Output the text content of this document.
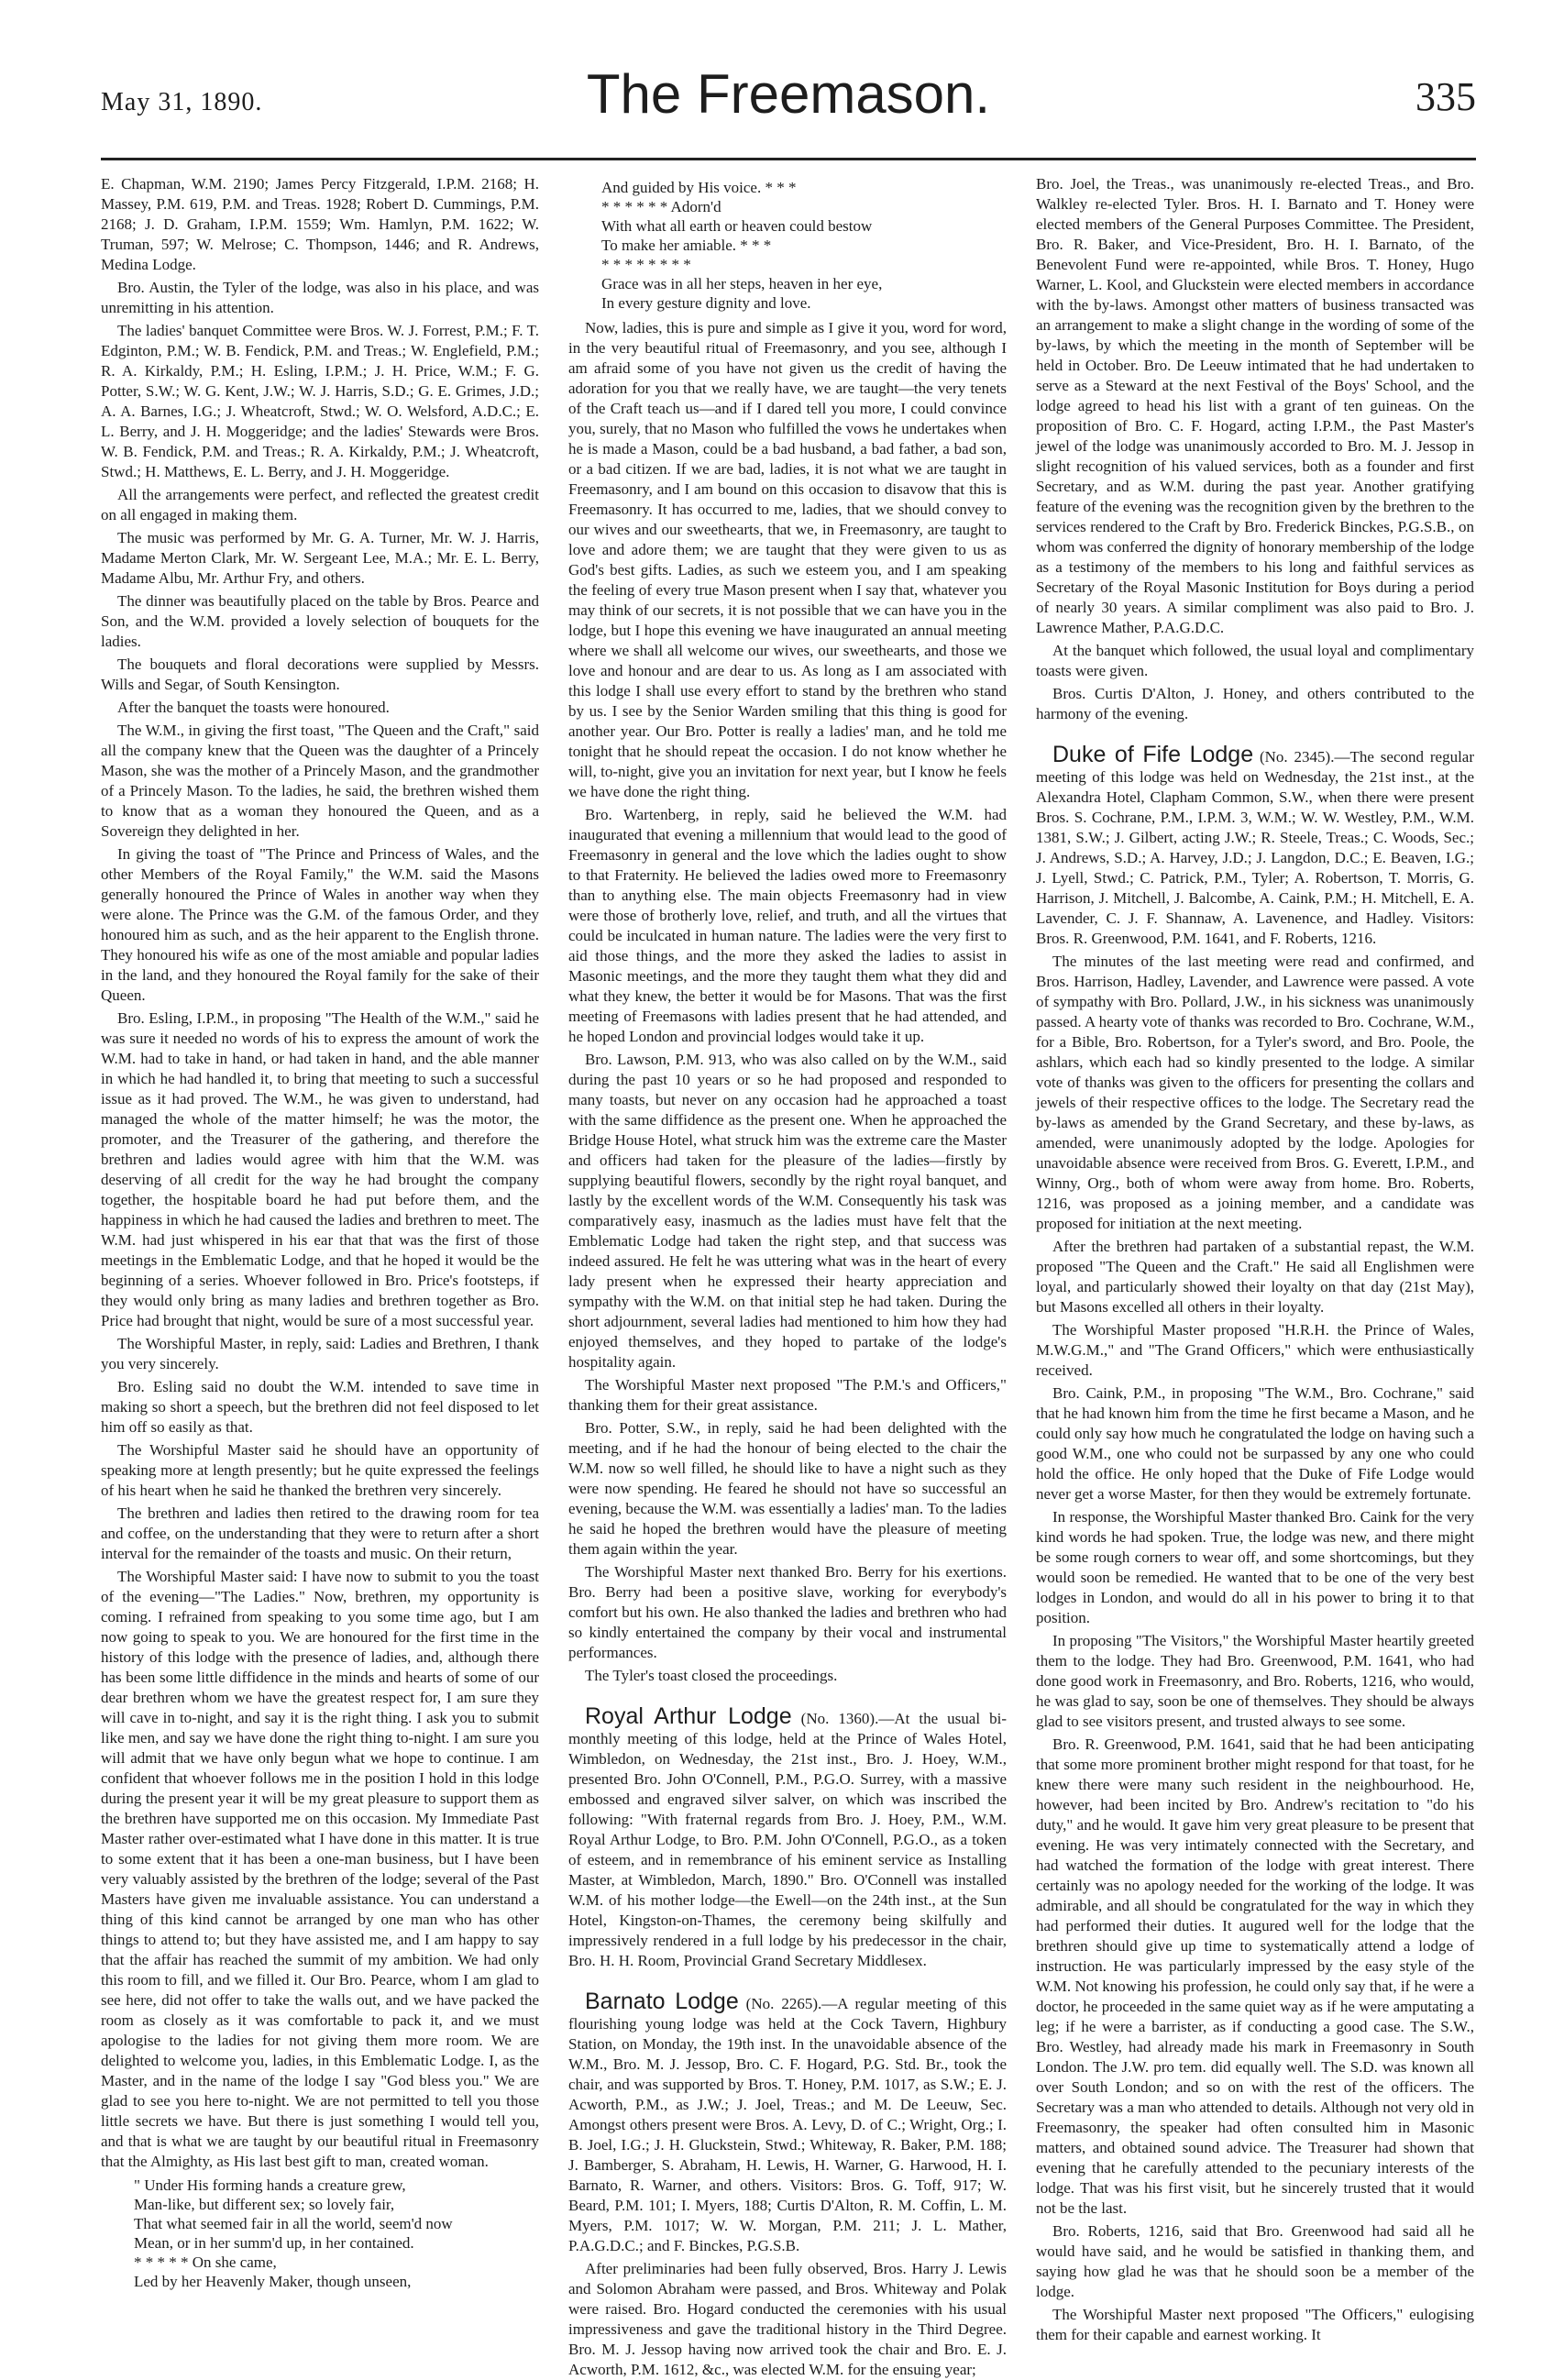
May 31, 1890.	The Freemason.	335

E. Chapman, W.M. 2190; James Percy Fitzgerald, I.P.M. 2168; H. Massey, P.M. 619, P.M. and Treas. 1928; Robert D. Cummings, P.M. 2168; J. D. Graham, I.P.M. 1559; Wm. Hamlyn, P.M. 1622; W. Truman, 597; W. Melrose; C. Thompson, 1446; and R. Andrews, Medina Lodge.

Bro. Austin, the Tyler of the lodge, was also in his place, and was unremitting in his attention.

The ladies' banquet Committee were Bros. W. J. Forrest, P.M.; F. T. Edginton, P.M.; W. B. Fendick, P.M. and Treas.; W. Englefield, P.M.; R. A. Kirkaldy, P.M.; H. Esling, I.P.M.; J. H. Price, W.M.; F. G. Potter, S.W.; W. G. Kent, J.W.; W. J. Harris, S.D.; G. E. Grimes, J.D.; A. A. Barnes, I.G.; J. Wheatcroft, Stwd.; W. O. Welsford, A.D.C.; E. L. Berry, and J. H. Moggeridge; and the ladies' Stewards were Bros. W. B. Fendick, P.M. and Treas.; R. A. Kirkaldy, P.M.; J. Wheatcroft, Stwd.; H. Matthews, E. L. Berry, and J. H. Moggeridge.

All the arrangements were perfect, and reflected the greatest credit on all engaged in making them.

The music was performed by Mr. G. A. Turner, Mr. W. J. Harris, Madame Merton Clark, Mr. W. Sergeant Lee, M.A.; Mr. E. L. Berry, Madame Albu, Mr. Arthur Fry, and others.

The dinner was beautifully placed on the table by Bros. Pearce and Son, and the W.M. provided a lovely selection of bouquets for the ladies.

The bouquets and floral decorations were supplied by Messrs. Wills and Segar, of South Kensington.

After the banquet the toasts were honoured.

The W.M., in giving the first toast, "The Queen and the Craft," said all the company knew that the Queen was the daughter of a Princely Mason, she was the mother of a Princely Mason, and the grandmother of a Princely Mason. To the ladies, he said, the brethren wished them to know that as a woman they honoured the Queen, and as a Sovereign they delighted in her.

In giving the toast of "The Prince and Princess of Wales, and the other Members of the Royal Family," the W.M. said the Masons generally honoured the Prince of Wales in another way when they were alone. The Prince was the G.M. of the famous Order, and they honoured him as such, and as the heir apparent to the English throne. They honoured his wife as one of the most amiable and popular ladies in the land, and they honoured the Royal family for the sake of their Queen.

Bro. Esling, I.P.M., in proposing "The Health of the W.M.," said he was sure it needed no words of his to express the amount of work the W.M. had to take in hand, or had taken in hand, and the able manner in which he had handled it, to bring that meeting to such a successful issue as it had proved. The W.M., he was given to understand, had managed the whole of the matter himself; he was the motor, the promoter, and the Treasurer of the gathering, and therefore the brethren and ladies would agree with him that the W.M. was deserving of all credit for the way he had brought the company together, the hospitable board he had put before them, and the happiness in which he had caused the ladies and brethren to meet. The W.M. had just whispered in his ear that that was the first of those meetings in the Emblematic Lodge, and that he hoped it would be the beginning of a series. Whoever followed in Bro. Price's footsteps, if they would only bring as many ladies and brethren together as Bro. Price had brought that night, would be sure of a most successful year.

The Worshipful Master, in reply, said: Ladies and Brethren, I thank you very sincerely.

Bro. Esling said no doubt the W.M. intended to save time in making so short a speech, but the brethren did not feel disposed to let him off so easily as that.

The Worshipful Master said he should have an opportunity of speaking more at length presently; but he quite expressed the feelings of his heart when he said he thanked the brethren very sincerely.

The brethren and ladies then retired to the drawing room for tea and coffee, on the understanding that they were to return after a short interval for the remainder of the toasts and music. On their return,

The Worshipful Master said: I have now to submit to you the toast of the evening—"The Ladies." Now, brethren, my opportunity is coming. I refrained from speaking to you some time ago, but I am now going to speak to you. We are honoured for the first time in the history of this lodge with the presence of ladies, and, although there has been some little diffidence in the minds and hearts of some of our dear brethren whom we have the greatest respect for, I am sure they will cave in to-night, and say it is the right thing. I ask you to submit like men, and say we have done the right thing to-night. I am sure you will admit that we have only begun what we hope to continue. I am confident that whoever follows me in the position I hold in this lodge during the present year it will be my great pleasure to support them as the brethren have supported me on this occasion. My Immediate Past Master rather over-estimated what I have done in this matter. It is true to some extent that it has been a one-man business, but I have been very valuably assisted by the brethren of the lodge; several of the Past Masters have given me invaluable assistance. You can understand a thing of this kind cannot be arranged by one man who has other things to attend to; but they have assisted me, and I am happy to say that the affair has reached the summit of my ambition. We had only this room to fill, and we filled it. Our Bro. Pearce, whom I am glad to see here, did not offer to take the walls out, and we have packed the room as closely as it was comfortable to pack it, and we must apologise to the ladies for not giving them more room. We are delighted to welcome you, ladies, in this Emblematic Lodge. I, as the Master, and in the name of the lodge I say "God bless you." We are glad to see you here to-night. We are not permitted to tell you those little secrets we have. But there is just something I would tell you, and that is what we are taught by our beautiful ritual in Freemasonry that the Almighty, as His last best gift to man, created woman.

" Under His forming hands a creature grew,
Man-like, but different sex; so lovely fair,
That what seemed fair in all the world, seem'd now
Mean, or in her summ'd up, in her contained.
* * * * * On she came,
Led by her Heavenly Maker, though unseen,
And guided by His voice. * * *
* * * * * * Adorn'd
With what all earth or heaven could bestow
To make her amiable. * * *
* * * * * * * *
Grace was in all her steps, heaven in her eye,
In every gesture dignity and love.

Now, ladies, this is pure and simple as I give it you, word for word, in the very beautiful ritual of Freemasonry, and you see, although I am afraid some of you have not given us the credit of having the adoration for you that we really have, we are taught—the very tenets of the Craft teach us—and if I dared tell you more, I could convince you, surely, that no Mason who fulfilled the vows he undertakes when he is made a Mason, could be a bad husband, a bad father, a bad son, or a bad citizen. If we are bad, ladies, it is not what we are taught in Freemasonry, and I am bound on this occasion to disavow that this is Freemasonry. It has occurred to me, ladies, that we should convey to our wives and our sweethearts, that we, in Freemasonry, are taught to love and adore them; we are taught that they were given to us as God's best gifts. Ladies, as such we esteem you, and I am speaking the feeling of every true Mason present when I say that, whatever you may think of our secrets, it is not possible that we can have you in the lodge, but I hope this evening we have inaugurated an annual meeting where we shall all welcome our wives, our sweethearts, and those we love and honour and are dear to us. As long as I am associated with this lodge I shall use every effort to stand by the brethren who stand by us. I see by the Senior Warden smiling that this thing is good for another year. Our Bro. Potter is really a ladies' man, and he told me tonight that he should repeat the occasion. I do not know whether he will, to-night, give you an invitation for next year, but I know he feels we have done the right thing.

Bro. Wartenberg, in reply, said he believed the W.M. had inaugurated that evening a millennium that would lead to the good of Freemasonry in general and the love which the ladies ought to show to that Fraternity. He believed the ladies owed more to Freemasonry than to anything else. The main objects Freemasonry had in view were those of brotherly love, relief, and truth, and all the virtues that could be inculcated in human nature. The ladies were the very first to aid those things, and the more they asked the ladies to assist in Masonic meetings, and the more they taught them what they did and what they knew, the better it would be for Masons. That was the first meeting of Freemasons with ladies present that he had attended, and he hoped London and provincial lodges would take it up.

Bro. Lawson, P.M. 913, who was also called on by the W.M., said during the past 10 years or so he had proposed and responded to many toasts, but never on any occasion had he approached a toast with the same diffidence as the present one. When he approached the Bridge House Hotel, what struck him was the extreme care the Master and officers had taken for the pleasure of the ladies—firstly by supplying beautiful flowers, secondly by the right royal banquet, and lastly by the excellent words of the W.M. Consequently his task was comparatively easy, inasmuch as the ladies must have felt that the Emblematic Lodge had taken the right step, and that success was indeed assured. He felt he was uttering what was in the heart of every lady present when he expressed their hearty appreciation and sympathy with the W.M. on that initial step he had taken. During the short adjournment, several ladies had mentioned to him how they had enjoyed themselves, and they hoped to partake of the lodge's hospitality again.

The Worshipful Master next proposed "The P.M.'s and Officers," thanking them for their great assistance.

Bro. Potter, S.W., in reply, said he had been delighted with the meeting, and if he had the honour of being elected to the chair the W.M. now so well filled, he should like to have a night such as they were now spending. He feared he should not have so successful an evening, because the W.M. was essentially a ladies' man. To the ladies he said he hoped the brethren would have the pleasure of meeting them again within the year.

The Worshipful Master next thanked Bro. Berry for his exertions. Bro. Berry had been a positive slave, working for everybody's comfort but his own. He also thanked the ladies and brethren who had so kindly entertained the company by their vocal and instrumental performances.

The Tyler's toast closed the proceedings.

Royal Arthur Lodge (No. 1360).—At the usual bi-monthly meeting of this lodge, held at the Prince of Wales Hotel, Wimbledon, on Wednesday, the 21st inst., Bro. J. Hoey, W.M., presented Bro. John O'Connell, P.M., P.G.O. Surrey, with a massive embossed and engraved silver salver, on which was inscribed the following: "With fraternal regards from Bro. J. Hoey, P.M., W.M. Royal Arthur Lodge, to Bro. P.M. John O'Connell, P.G.O., as a token of esteem, and in remembrance of his eminent service as Installing Master, at Wimbledon, March, 1890." Bro. O'Connell was installed W.M. of his mother lodge—the Ewell—on the 24th inst., at the Sun Hotel, Kingston-on-Thames, the ceremony being skilfully and impressively rendered in a full lodge by his predecessor in the chair, Bro. H. H. Room, Provincial Grand Secretary Middlesex.

Barnato Lodge (No. 2265).—A regular meeting of this flourishing young lodge was held at the Cock Tavern, Highbury Station, on Monday, the 19th inst. In the unavoidable absence of the W.M., Bro. M. J. Jessop, Bro. C. F. Hogard, P.G. Std. Br., took the chair, and was supported by Bros. T. Honey, P.M. 1017, as S.W.; E. J. Acworth, P.M., as J.W.; J. Joel, Treas.; and M. De Leeuw, Sec. Amongst others present were Bros. A. Levy, D. of C.; Wright, Org.; I. B. Joel, I.G.; J. H. Gluckstein, Stwd.; Whiteway, R. Baker, P.M. 188; J. Bamberger, S. Abraham, H. Lewis, H. Warner, G. Harwood, H. I. Barnato, R. Warner, and others. Visitors: Bros. G. Toff, 917; W. Beard, P.M. 101; I. Myers, 188; Curtis D'Alton, R. M. Coffin, L. M. Myers, P.M. 1017; W. W. Morgan, P.M. 211; J. L. Mather, P.A.G.D.C.; and F. Binckes, P.G.S.B.

After preliminaries had been fully observed, Bros. Harry J. Lewis and Solomon Abraham were passed, and Bros. Whiteway and Polak were raised. Bro. Hogard conducted the ceremonies with his usual impressiveness and gave the traditional history in the Third Degree. Bro. M. J. Jessop having now arrived took the chair and Bro. E. J. Acworth, P.M. 1612, &c., was elected W.M. for the ensuing year;

Bro. Joel, the Treas., was unanimously re-elected Treas., and Bro. Walkley re-elected Tyler. Bros. H. I. Barnato and T. Honey were elected members of the General Purposes Committee. The President, Bro. R. Baker, and Vice-President, Bro. H. I. Barnato, of the Benevolent Fund were re-appointed, while Bros. T. Honey, Hugo Warner, L. Kool, and Gluckstein were elected members in accordance with the by-laws. Amongst other matters of business transacted was an arrangement to make a slight change in the wording of some of the by-laws, by which the meeting in the month of September will be held in October. Bro. De Leeuw intimated that he had undertaken to serve as a Steward at the next Festival of the Boys' School, and the lodge agreed to head his list with a grant of ten guineas. On the proposition of Bro. C. F. Hogard, acting I.P.M., the Past Master's jewel of the lodge was unanimously accorded to Bro. M. J. Jessop in slight recognition of his valued services, both as a founder and first Secretary, and as W.M. during the past year. Another gratifying feature of the evening was the recognition given by the brethren to the services rendered to the Craft by Bro. Frederick Binckes, P.G.S.B., on whom was conferred the dignity of honorary membership of the lodge as a testimony of the members to his long and faithful services as Secretary of the Royal Masonic Institution for Boys during a period of nearly 30 years. A similar compliment was also paid to Bro. J. Lawrence Mather, P.A.G.D.C.

At the banquet which followed, the usual loyal and complimentary toasts were given.

Bros. Curtis D'Alton, J. Honey, and others contributed to the harmony of the evening.

Duke of Fife Lodge (No. 2345).—The second regular meeting of this lodge was held on Wednesday, the 21st inst., at the Alexandra Hotel, Clapham Common, S.W., when there were present Bros. S. Cochrane, P.M., I.P.M. 3, W.M.; W. W. Westley, P.M., W.M. 1381, S.W.; J. Gilbert, acting J.W.; R. Steele, Treas.; C. Woods, Sec.; J. Andrews, S.D.; A. Harvey, J.D.; J. Langdon, D.C.; E. Beaven, I.G.; J. Lyell, Stwd.; C. Patrick, P.M., Tyler; A. Robertson, T. Morris, G. Harrison, J. Mitchell, J. Balcombe, A. Caink, P.M.; H. Mitchell, E. A. Lavender, C. J. F. Shannaw, A. Lavenence, and Hadley. Visitors: Bros. R. Greenwood, P.M. 1641, and F. Roberts, 1216.

The minutes of the last meeting were read and confirmed, and Bros. Harrison, Hadley, Lavender, and Lawrence were passed. A vote of sympathy with Bro. Pollard, J.W., in his sickness was unanimously passed. A hearty vote of thanks was recorded to Bro. Cochrane, W.M., for a Bible, Bro. Robertson, for a Tyler's sword, and Bro. Poole, the ashlars, which each had so kindly presented to the lodge. A similar vote of thanks was given to the officers for presenting the collars and jewels of their respective offices to the lodge. The Secretary read the by-laws as amended by the Grand Secretary, and these by-laws, as amended, were unanimously adopted by the lodge. Apologies for unavoidable absence were received from Bros. G. Everett, I.P.M., and Winny, Org., both of whom were away from home. Bro. Roberts, 1216, was proposed as a joining member, and a candidate was proposed for initiation at the next meeting.

After the brethren had partaken of a substantial repast, the W.M. proposed "The Queen and the Craft." He said all Englishmen were loyal, and particularly showed their loyalty on that day (21st May), but Masons excelled all others in their loyalty.

The Worshipful Master proposed "H.R.H. the Prince of Wales, M.W.G.M.," and "The Grand Officers," which were enthusiastically received.

Bro. Caink, P.M., in proposing "The W.M., Bro. Cochrane," said that he had known him from the time he first became a Mason, and he could only say how much he congratulated the lodge on having such a good W.M., one who could not be surpassed by any one who could hold the office. He only hoped that the Duke of Fife Lodge would never get a worse Master, for then they would be extremely fortunate.

In response, the Worshipful Master thanked Bro. Caink for the very kind words he had spoken. True, the lodge was new, and there might be some rough corners to wear off, and some shortcomings, but they would soon be remedied. He wanted that to be one of the very best lodges in London, and would do all in his power to bring it to that position.

In proposing "The Visitors," the Worshipful Master heartily greeted them to the lodge. They had Bro. Greenwood, P.M. 1641, who had done good work in Freemasonry, and Bro. Roberts, 1216, who would, he was glad to say, soon be one of themselves. They should be always glad to see visitors present, and trusted always to see some.

Bro. R. Greenwood, P.M. 1641, said that he had been anticipating that some more prominent brother might respond for that toast, for he knew there were many such resident in the neighbourhood. He, however, had been incited by Bro. Andrew's recitation to "do his duty," and he would. It gave him very great pleasure to be present that evening. He was very intimately connected with the Secretary, and had watched the formation of the lodge with great interest. There certainly was no apology needed for the working of the lodge. It was admirable, and all should be congratulated for the way in which they had performed their duties. It augured well for the lodge that the brethren should give up time to systematically attend a lodge of instruction. He was particularly impressed by the easy style of the W.M. Not knowing his profession, he could only say that, if he were a doctor, he proceeded in the same quiet way as if he were amputating a leg; if he were a barrister, as if conducting a good case. The S.W., Bro. Westley, had already made his mark in Freemasonry in South London. The J.W. pro tem. did equally well. The S.D. was known all over South London; and so on with the rest of the officers. The Secretary was a man who attended to details. Although not very old in Freemasonry, the speaker had often consulted him in Masonic matters, and obtained sound advice. The Treasurer had shown that evening that he carefully attended to the pecuniary interests of the lodge. That was his first visit, but he sincerely trusted that it would not be the last.

Bro. Roberts, 1216, said that Bro. Greenwood had said all he would have said, and he would be satisfied in thanking them, and saying how glad he was that he should soon be a member of the lodge.

The Worshipful Master next proposed "The Officers," eulogising them for their capable and earnest working. It
